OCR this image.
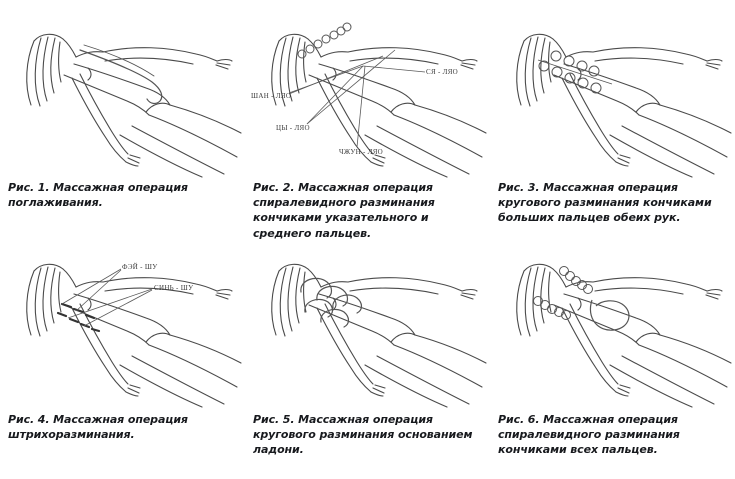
Рис. 1. Массажная операция поглаживания.
ШАН - ЛЯО
СЯ - ЛЯО
ЦЫ - ЛЯО
ЧЖУН - ЛЯО
Рис. 2. Массажная операция спиралевидного разминания кончиками указательного и среднего пальцев.
Рис. 3. Массажная операция кругового разминания кончиками больших пальцев обеих рук.
ФЭЙ - ШУ
СИНЬ - ШУ
Рис. 4. Массажная операция штрихоразминания.
Рис. 5. Массажная операция кругового разминания основанием ладони.
Рис. 6. Массажная операция спиралевидного разминания кончиками всех пальцев.
